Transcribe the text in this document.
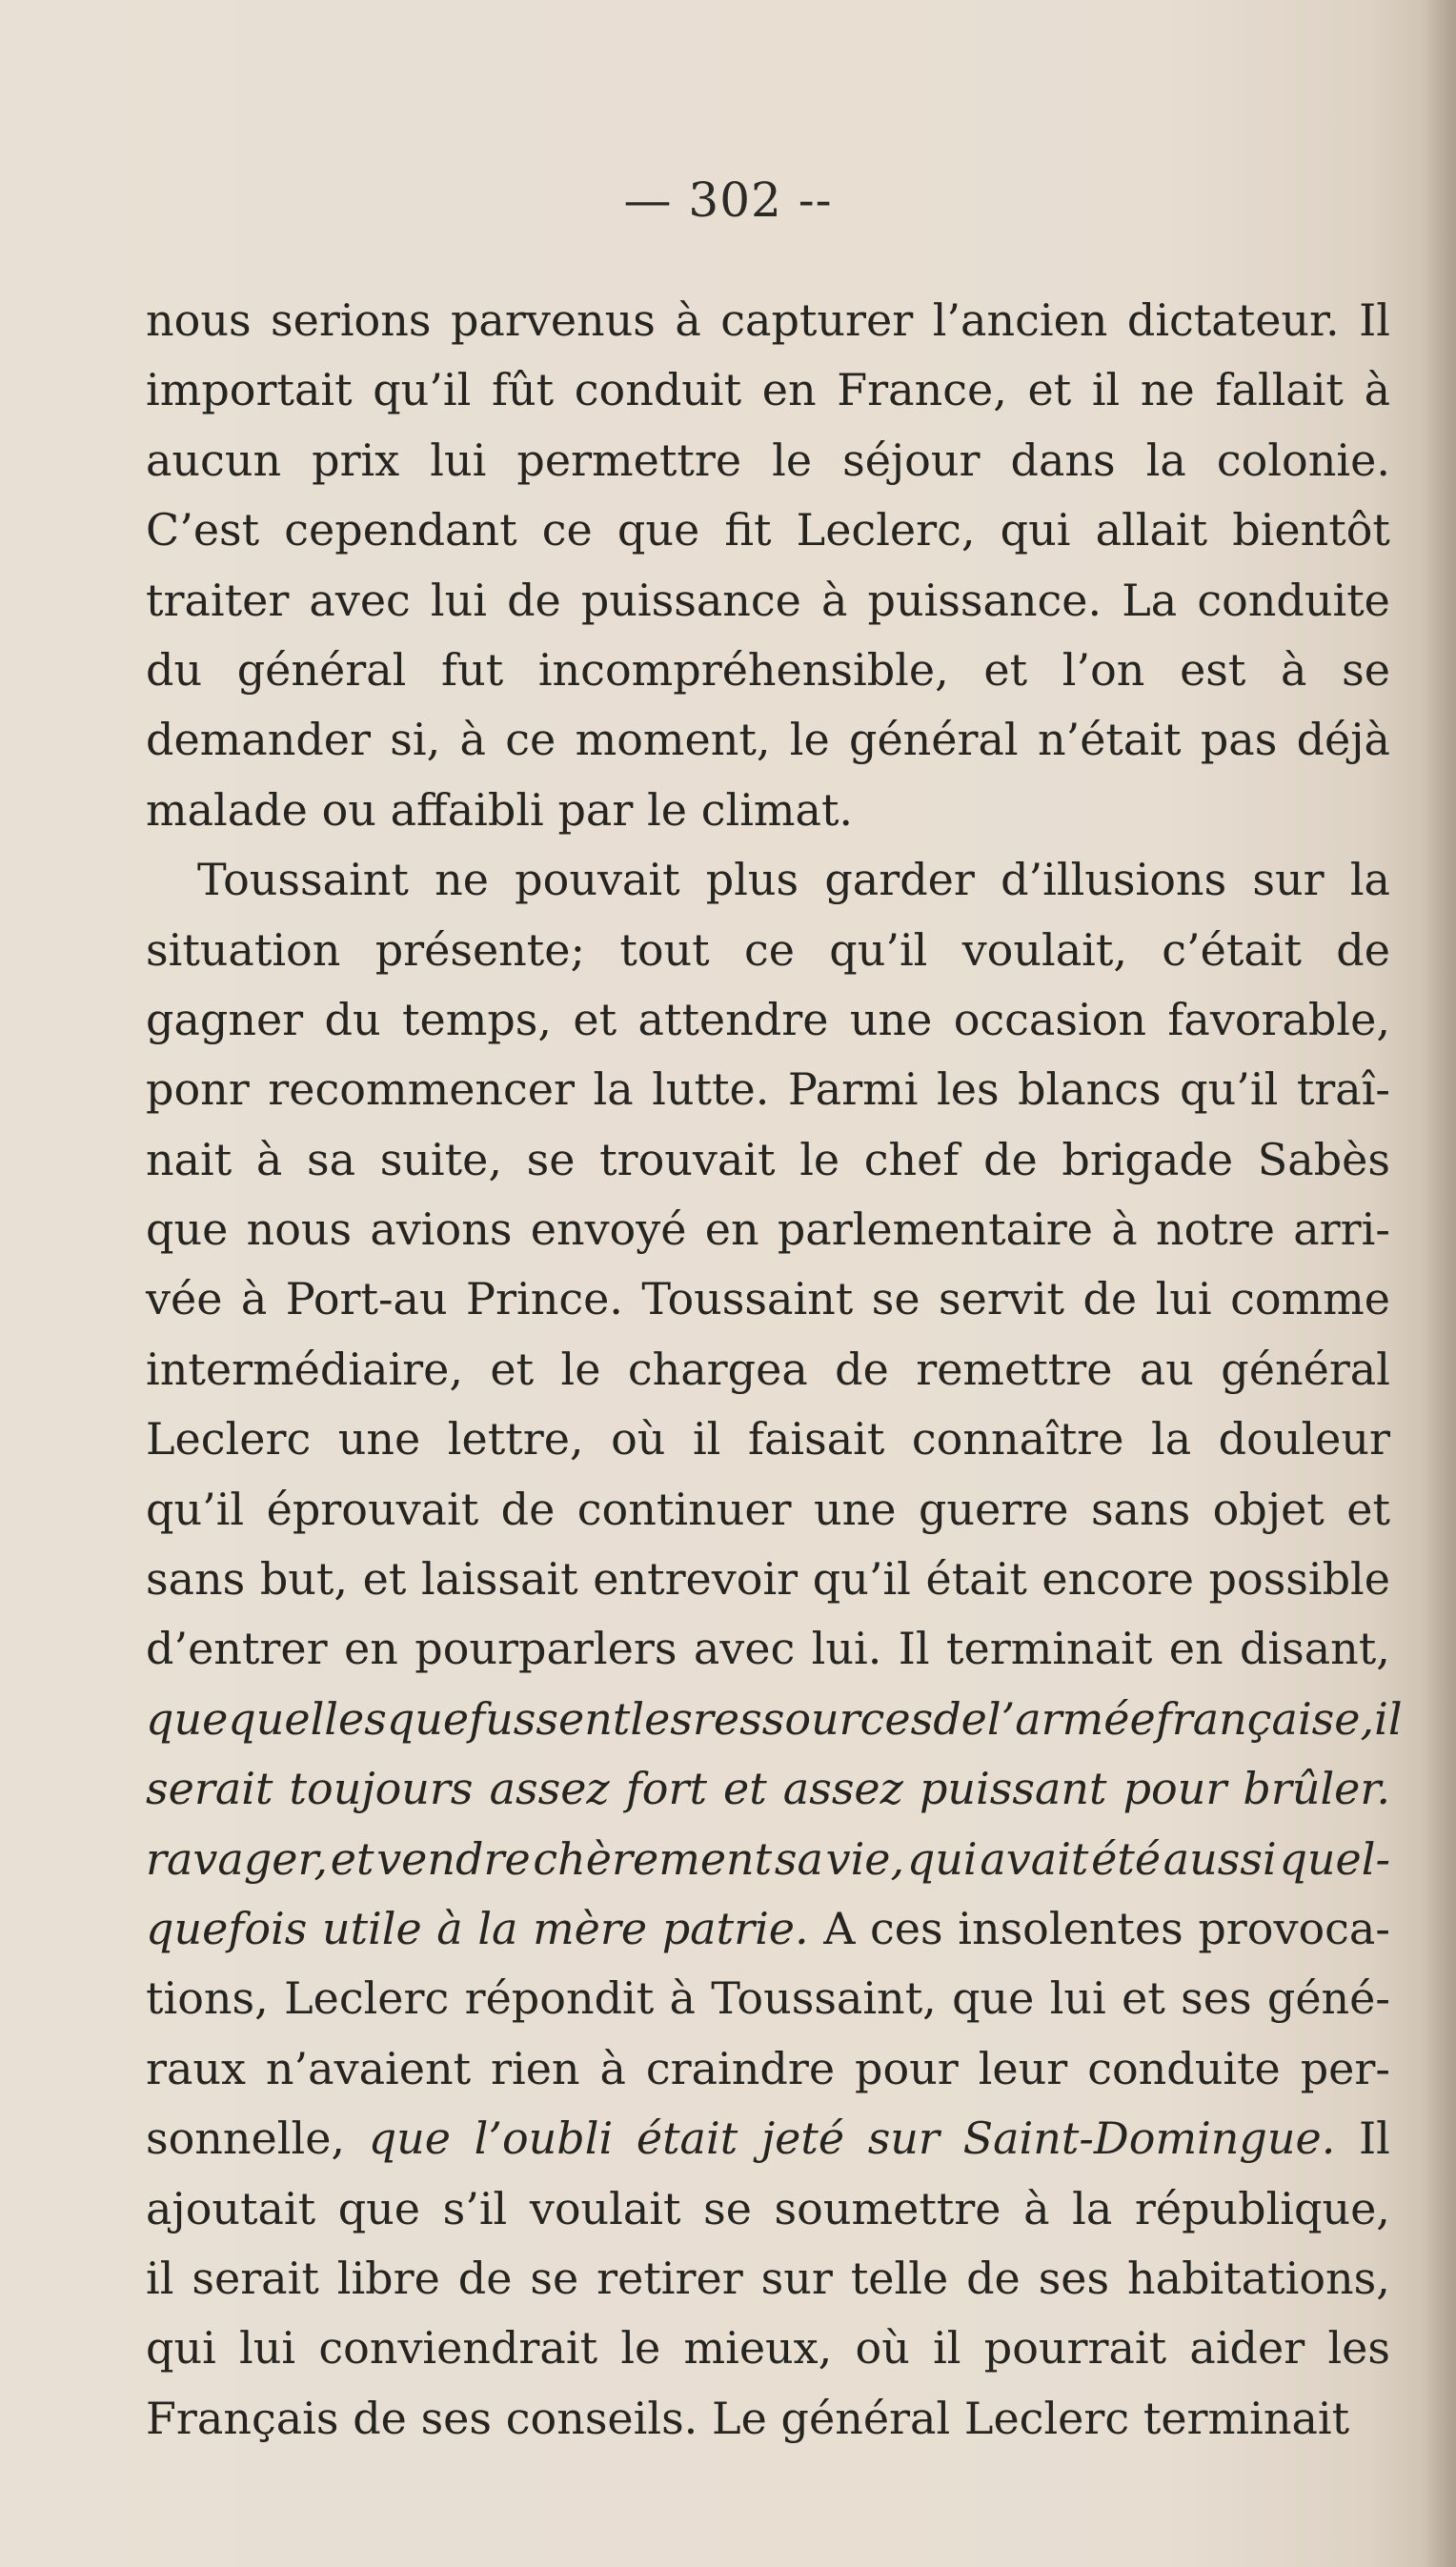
— 302 --
nous serions parvenus à capturer l’ancien dictateur. Il
importait qu’il fût conduit en France, et il ne fallait à
aucun prix lui permettre le séjour dans la colonie.
C’est cependant ce que fit Leclerc, qui allait bientôt
traiter avec lui de puissance à puissance. La conduite
du général fut incompréhensible, et l’on est à se
demander si, à ce moment, le général n’était pas déjà
malade ou affaibli par le climat.
Toussaint ne pouvait plus garder d’illusions sur la
situation présente; tout ce qu’il voulait, c’était de
gagner du temps, et attendre une occasion favorable,
ponr recommencer la lutte. Parmi les blancs qu’il traî-
nait à sa suite, se trouvait le chef de brigade Sabès
que nous avions envoyé en parlementaire à notre arri-
vée à Port-au Prince. Toussaint se servit de lui comme
intermédiaire, et le chargea de remettre au général
Leclerc une lettre, où il faisait connaître la douleur
qu’il éprouvait de continuer une guerre sans objet et
sans but, et laissait entrevoir qu’il était encore possible
d’entrer en pourparlers avec lui. Il terminait en disant,
que quelles que fussent les ressources de l’armée française, il
serait toujours assez fort et assez puissant pour brûler.
ravager, et vendre chèrement sa vie, qui avait été aussi quel-
quefois utile à la mère patrie. A ces insolentes provoca-
tions, Leclerc répondit à Toussaint, que lui et ses géné-
raux n’avaient rien à craindre pour leur conduite per-
sonnelle, que l’oubli était jeté sur Saint-Domingue. Il
ajoutait que s’il voulait se soumettre à la république,
il serait libre de se retirer sur telle de ses habitations,
qui lui conviendrait le mieux, où il pourrait aider les
Français de ses conseils. Le général Leclerc terminait
